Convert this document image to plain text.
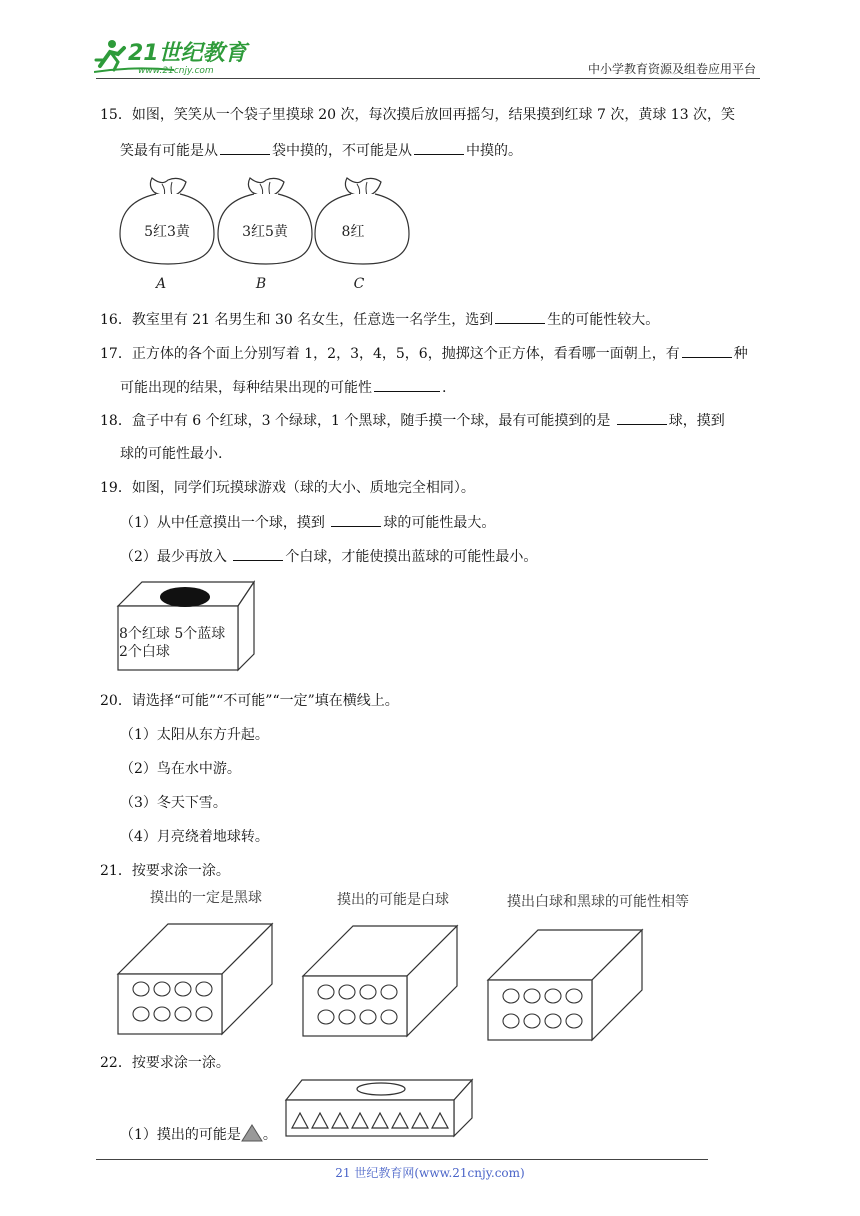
21世纪教育
www.21cnjy.com	中小学教育资源及组卷应用平台
15．如图，笑笑从一个袋子里摸球 20 次，每次摸后放回再摇匀，结果摸到红球 7 次，黄球 13 次，笑
笑最有可能是从	袋中摸的，不可能是从	中摸的。
5红3黄
A
3红5黄
B
8红
C
16．教室里有 21 名男生和 30 名女生，任意选一名学生，选到	生的可能性较大。
17．正方体的各个面上分别写着 1，2，3，4，5，6，抛掷这个正方体，看看哪一面朝上，有	种
可能出现的结果，每种结果出现的可能性	.
18．盒子中有 6 个红球，3 个绿球，1 个黑球，随手摸一个球，最有可能摸到的是	球，摸到
球的可能性最小.
19．如图，同学们玩摸球游戏（球的大小、质地完全相同）。
（1）从中任意摸出一个球，摸到	球的可能性最大。
（2）最少再放入	个白球，才能使摸出蓝球的可能性最小。
8个红球 5个蓝球
2个白球
20．请选择“可能”“不可能”“一定”填在横线上。
（1）太阳从东方升起。
（2）鸟在水中游。
（3）冬天下雪。
（4）月亮绕着地球转。
21．按要求涂一涂。
摸出的一定是黑球	摸出的可能是白球	摸出白球和黑球的可能性相等
22．按要求涂一涂。
（1）摸出的可能是 。
21 世纪教育网(www.21cnjy.com)
